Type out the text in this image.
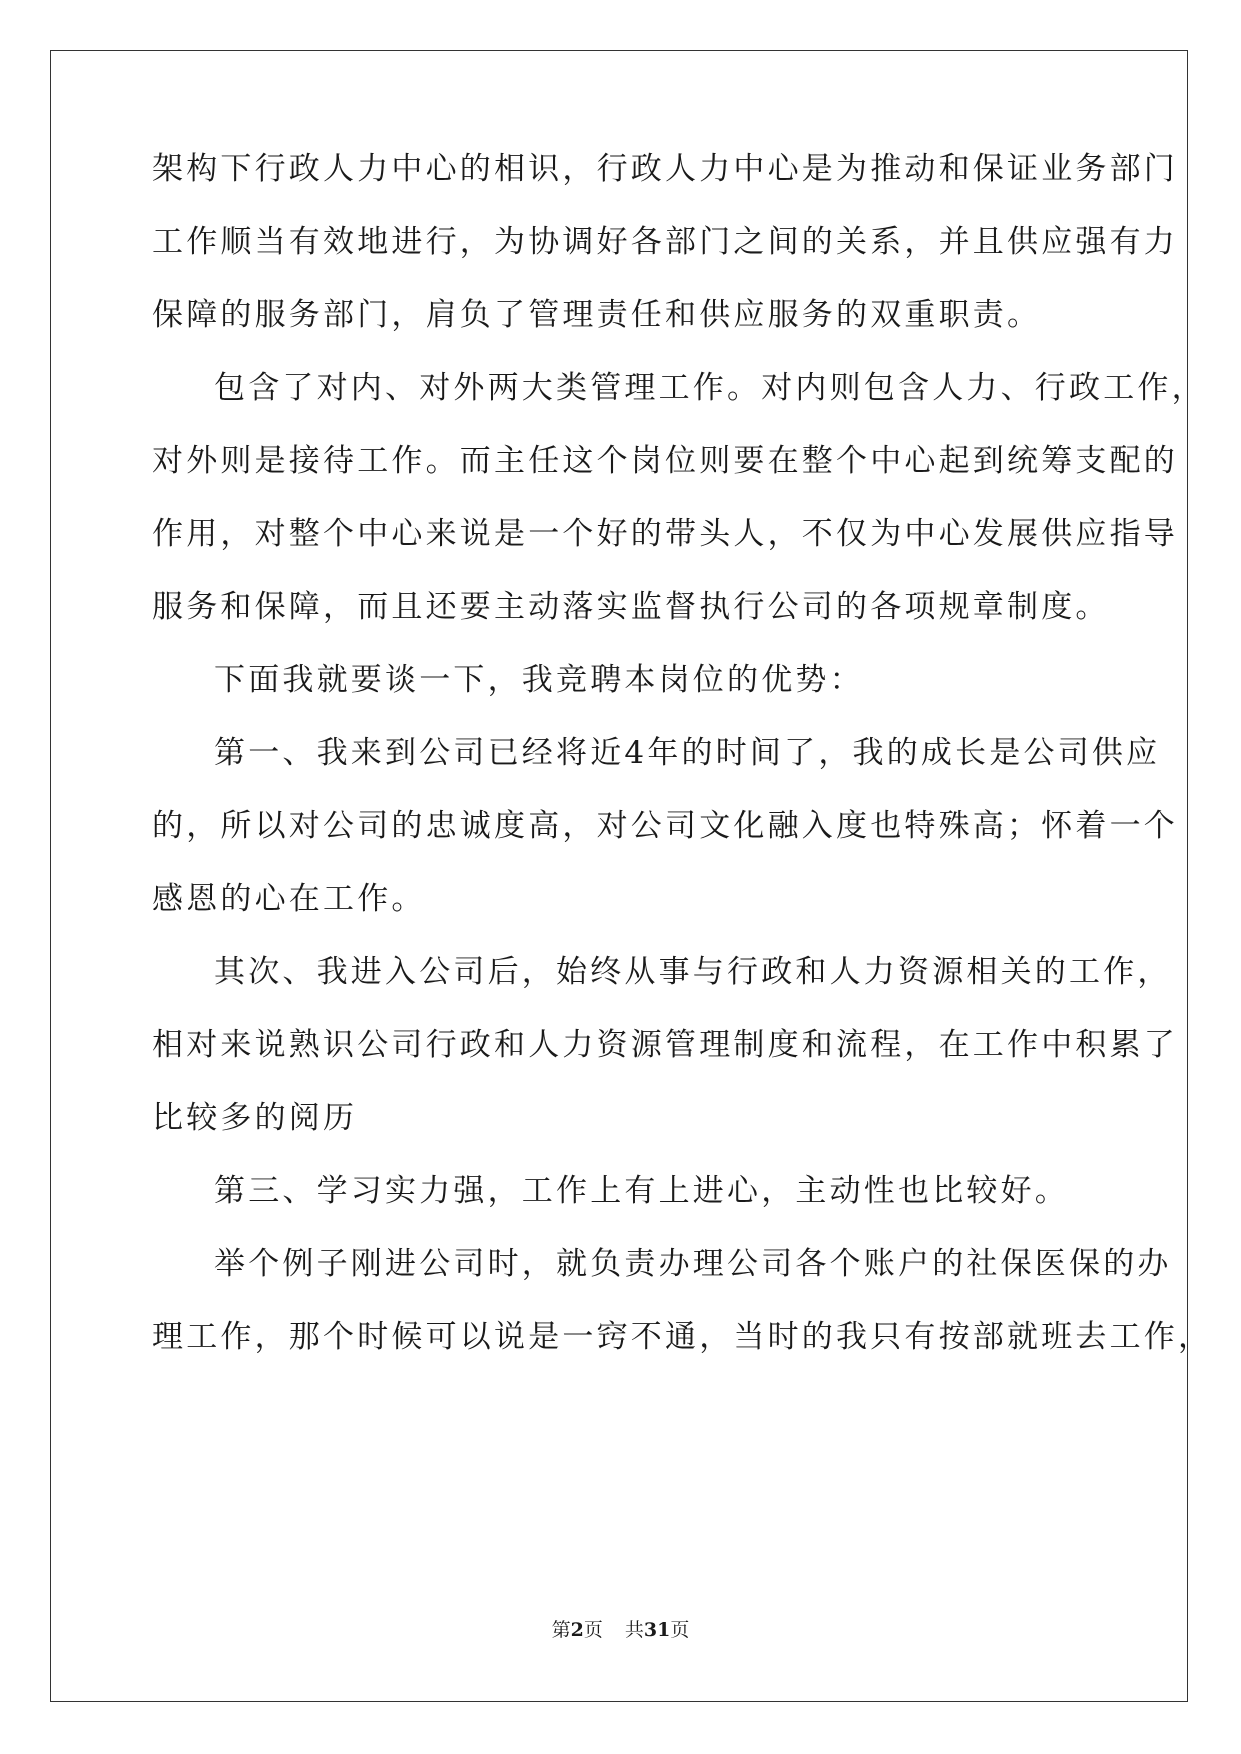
架构下行政人力中心的相识，行政人力中心是为推动和保证业务部门
工作顺当有效地进行，为协调好各部门之间的关系，并且供应强有力
保障的服务部门，肩负了管理责任和供应服务的双重职责。
包含了对内、对外两大类管理工作。对内则包含人力、行政工作，
对外则是接待工作。而主任这个岗位则要在整个中心起到统筹支配的
作用，对整个中心来说是一个好的带头人，不仅为中心发展供应指导
服务和保障，而且还要主动落实监督执行公司的各项规章制度。
下面我就要谈一下，我竞聘本岗位的优势：
第一、我来到公司已经将近4年的时间了，我的成长是公司供应
的，所以对公司的忠诚度高，对公司文化融入度也特殊高；怀着一个
感恩的心在工作。
其次、我进入公司后，始终从事与行政和人力资源相关的工作，
相对来说熟识公司行政和人力资源管理制度和流程，在工作中积累了
比较多的阅历
第三、学习实力强，工作上有上进心，主动性也比较好。
举个例子刚进公司时，就负责办理公司各个账户的社保医保的办
理工作，那个时候可以说是一窍不通，当时的我只有按部就班去工作，
第2页 共31页
